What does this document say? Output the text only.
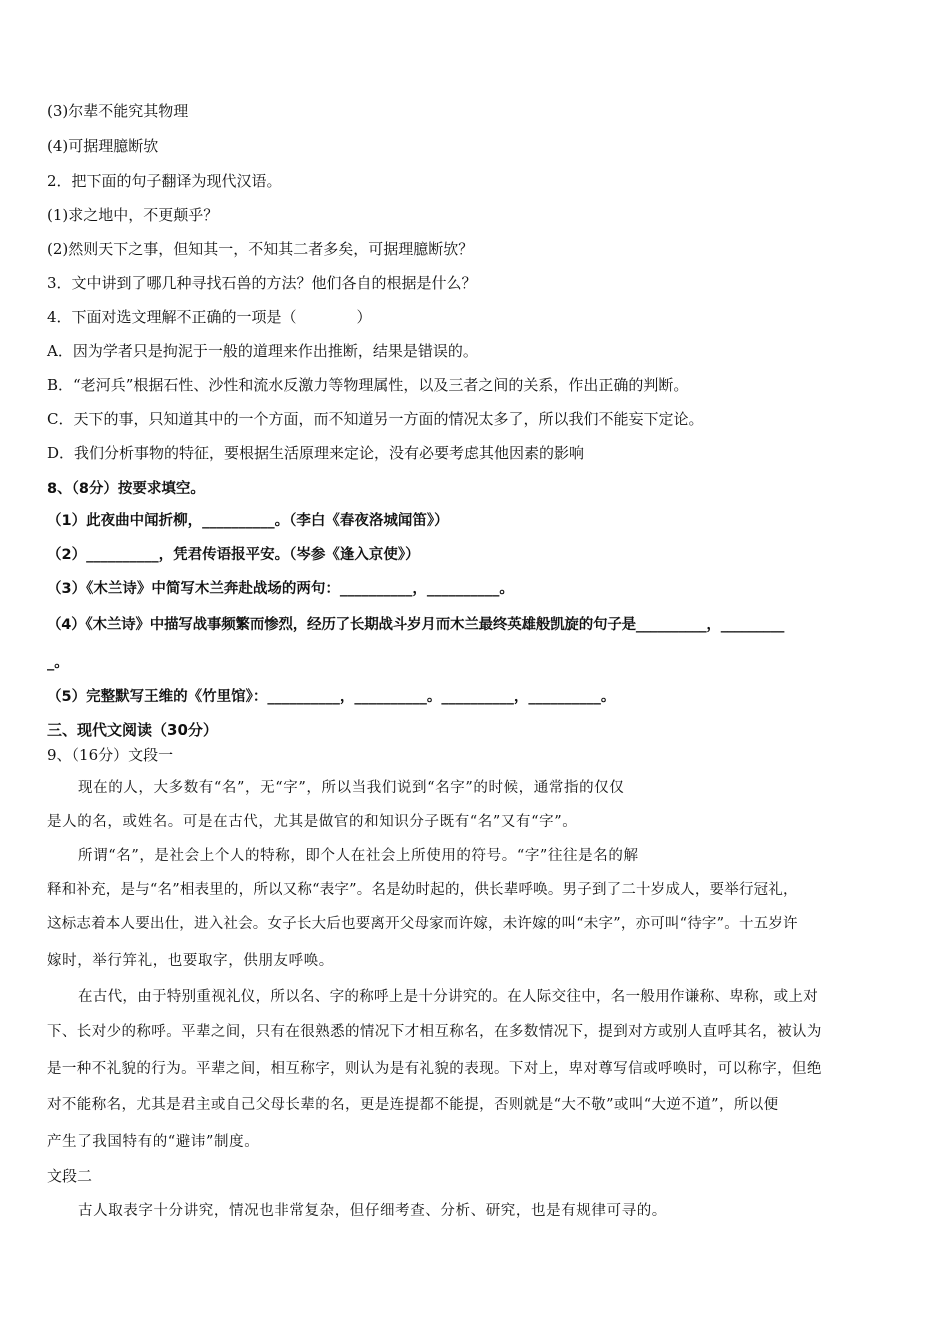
(3)尔辈不能究其物理
(4)可据理臆断欤
2．把下面的句子翻译为现代汉语。
(1)求之地中，不更颠乎？
(2)然则天下之事，但知其一，不知其二者多矣，可据理臆断欤？
3．文中讲到了哪几种寻找石兽的方法？他们各自的根据是什么？
4．下面对选文理解不正确的一项是（　　　　）
A．因为学者只是拘泥于一般的道理来作出推断，结果是错误的。
B．“老河兵”根据石性、沙性和流水反激力等物理属性，以及三者之间的关系，作出正确的判断。
C．天下的事，只知道其中的一个方面，而不知道另一方面的情况太多了，所以我们不能妄下定论。
D．我们分析事物的特征，要根据生活原理来定论，没有必要考虑其他因素的影响
8、（8分）按要求填空。
（1）此夜曲中闻折柳，__________。（李白《春夜洛城闻笛》）
（2）__________，凭君传语报平安。（岑参《逢入京使》）
（3）《木兰诗》中简写木兰奔赴战场的两句：__________，__________。
（4）《木兰诗》中描写战事频繁而惨烈，经历了长期战斗岁月而木兰最终英雄般凯旋的句子是__________，_________
_。
（5）完整默写王维的《竹里馆》：__________，__________。__________，__________。
三、现代文阅读（30分）
9、（16分）文段一
现在的人，大多数有“名”，无“字”，所以当我们说到“名字”的时候，通常指的仅仅
是人的名，或姓名。可是在古代，尤其是做官的和知识分子既有“名”又有“字”。
所谓“名”，是社会上个人的特称，即个人在社会上所使用的符号。“字”往往是名的解
释和补充，是与“名”相表里的，所以又称“表字”。名是幼时起的，供长辈呼唤。男子到了二十岁成人，要举行冠礼，
这标志着本人要出仕，进入社会。女子长大后也要离开父母家而许嫁，未许嫁的叫“未字”，亦可叫“待字”。十五岁许
嫁时，举行笄礼，也要取字，供朋友呼唤。
在古代，由于特别重视礼仪，所以名、字的称呼上是十分讲究的。在人际交往中，名一般用作谦称、卑称，或上对
下、长对少的称呼。平辈之间，只有在很熟悉的情况下才相互称名，在多数情况下，提到对方或别人直呼其名，被认为
是一种不礼貌的行为。平辈之间，相互称字，则认为是有礼貌的表现。下对上，卑对尊写信或呼唤时，可以称字，但绝
对不能称名，尤其是君主或自己父母长辈的名，更是连提都不能提，否则就是“大不敬”或叫“大逆不道”，所以便
产生了我国特有的“避讳”制度。
文段二
古人取表字十分讲究，情况也非常复杂，但仔细考查、分析、研究，也是有规律可寻的。
